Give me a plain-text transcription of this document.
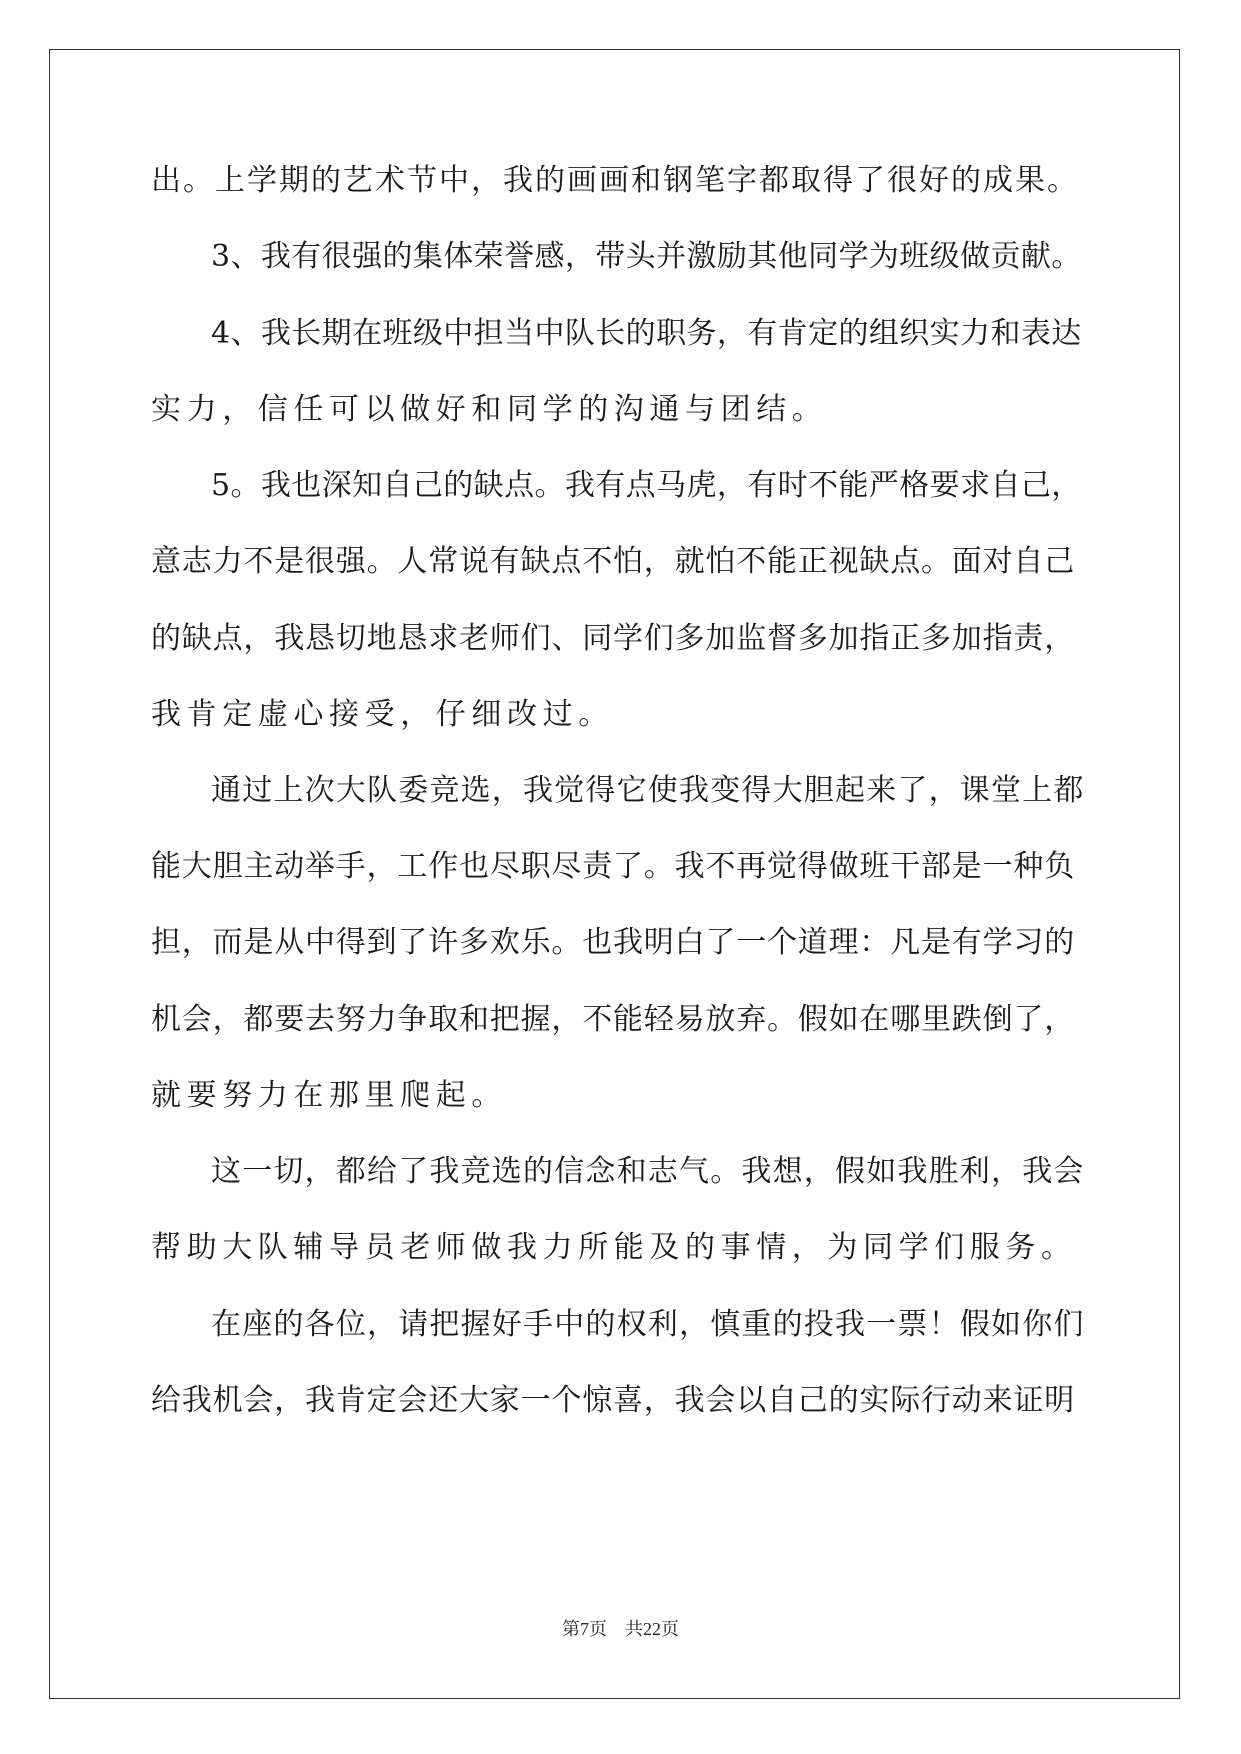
出。上学期的艺术节中，我的画画和钢笔字都取得了很好的成果。
3、我有很强的集体荣誉感，带头并激励其他同学为班级做贡献。
4、我长期在班级中担当中队长的职务，有肯定的组织实力和表达
实力，信任可以做好和同学的沟通与团结。
5。我也深知自己的缺点。我有点马虎，有时不能严格要求自己，
意志力不是很强。人常说有缺点不怕，就怕不能正视缺点。面对自己
的缺点，我恳切地恳求老师们、同学们多加监督多加指正多加指责，
我肯定虚心接受，仔细改过。
通过上次大队委竞选，我觉得它使我变得大胆起来了，课堂上都
能大胆主动举手，工作也尽职尽责了。我不再觉得做班干部是一种负
担，而是从中得到了许多欢乐。也我明白了一个道理：凡是有学习的
机会，都要去努力争取和把握，不能轻易放弃。假如在哪里跌倒了，
就要努力在那里爬起。
这一切，都给了我竞选的信念和志气。我想，假如我胜利，我会
帮助大队辅导员老师做我力所能及的事情，为同学们服务。
在座的各位，请把握好手中的权利，慎重的投我一票！假如你们
给我机会，我肯定会还大家一个惊喜，我会以自己的实际行动来证明
第7页 共22页
